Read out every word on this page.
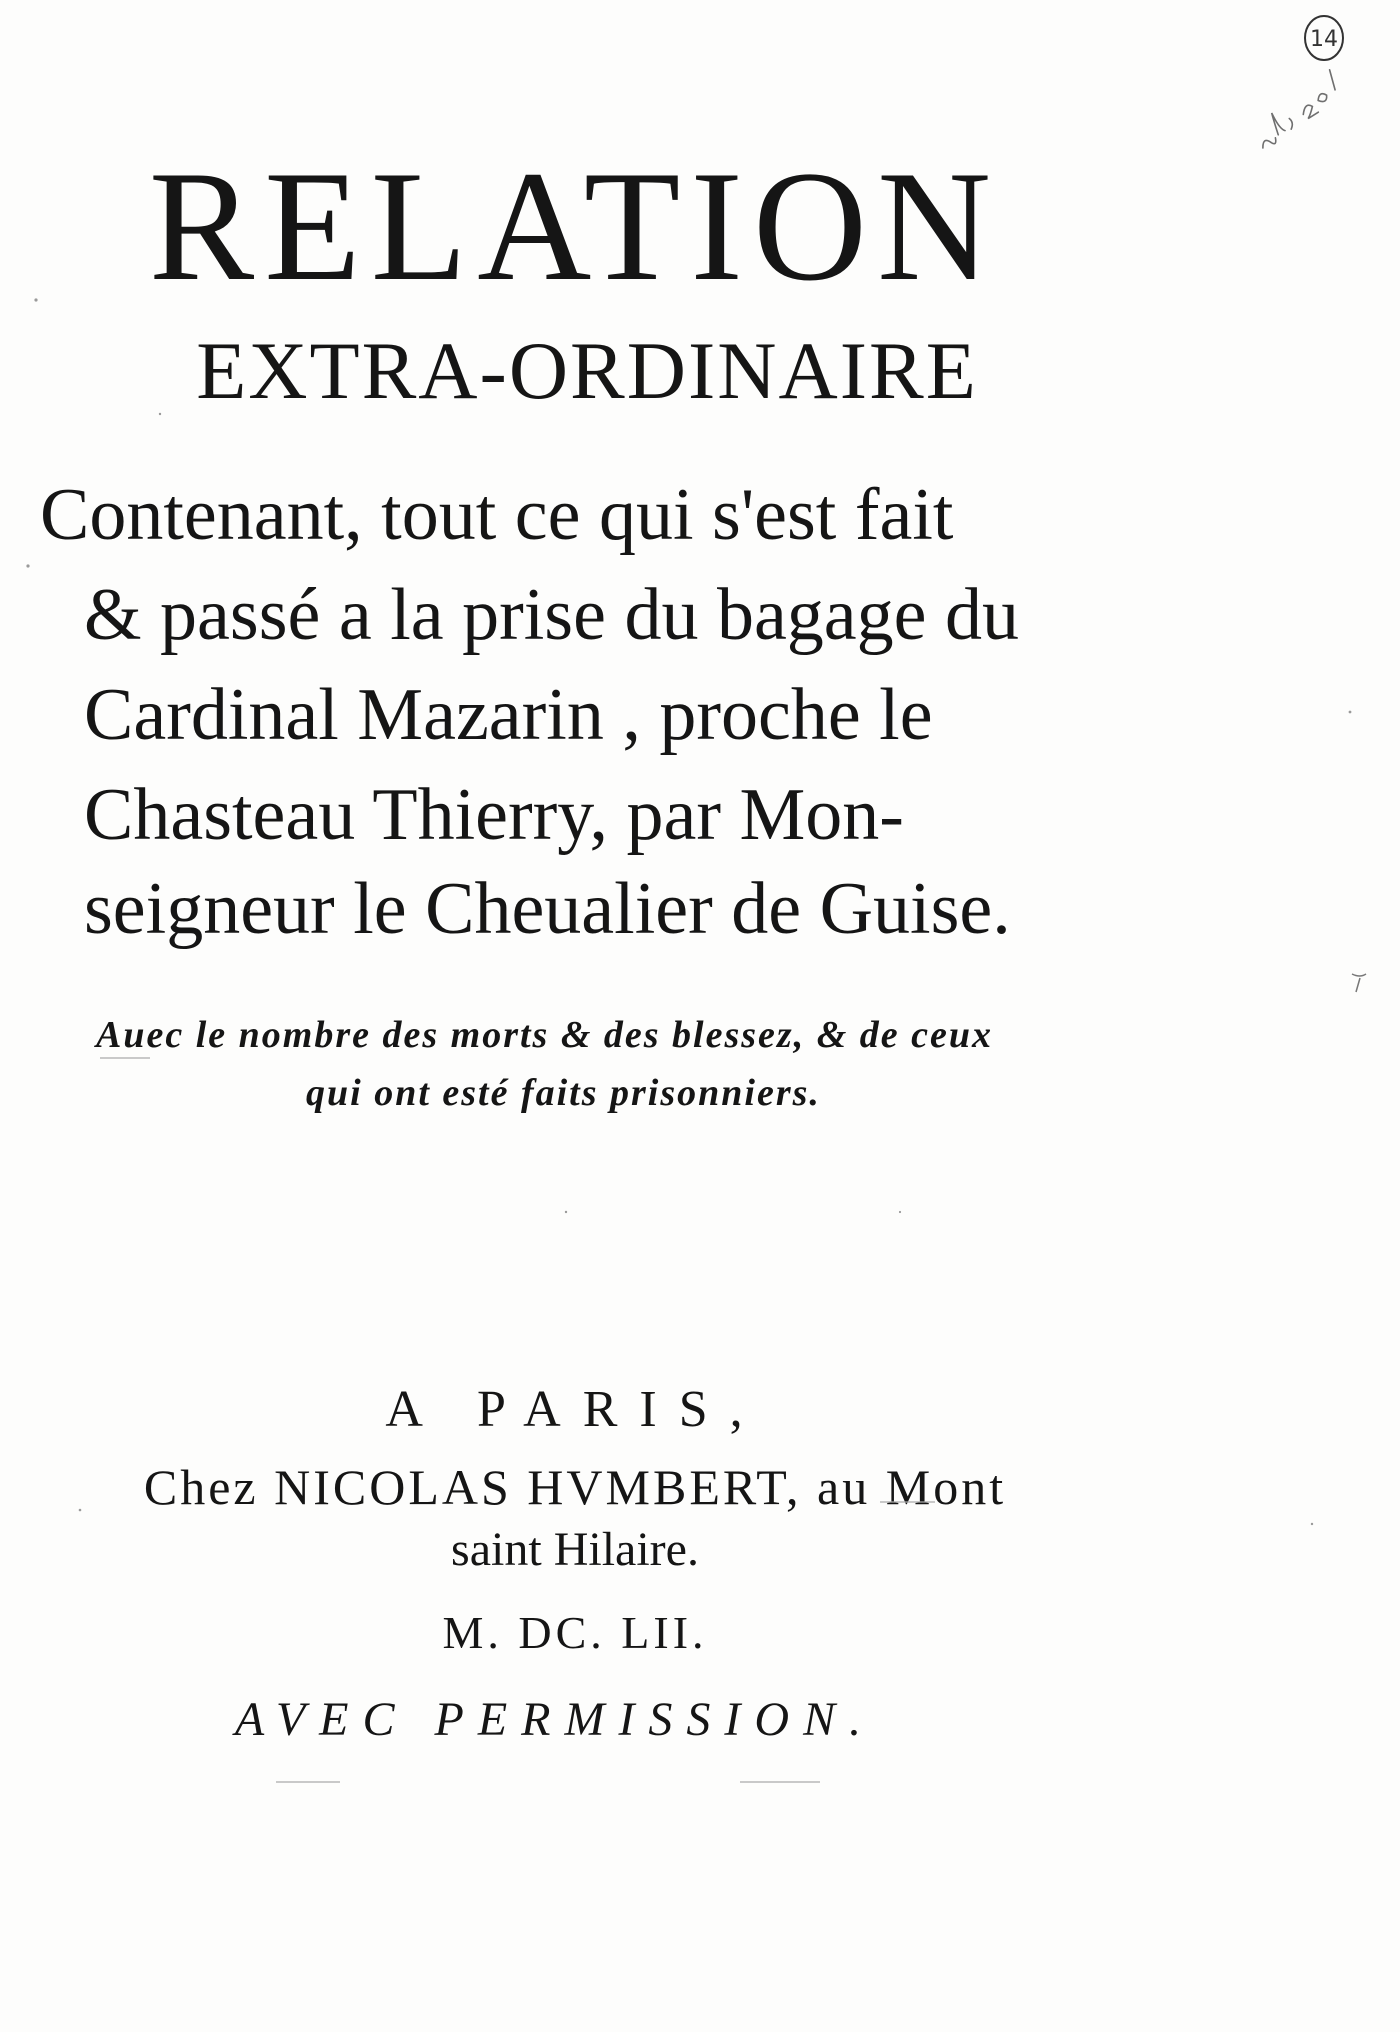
RELATION
EXTRA-ORDINAIRE
Contenant, tout ce qui s'est fait
& passé a la prise du bagage du
Cardinal Mazarin , proche le
Chasteau Thierry, par Mon-
seigneur le Cheualier de Guise.
Auec le nombre des morts & des blessez, & de ceux
qui ont esté faits prisonniers.
A PARIS,
Chez NICOLAS HVMBERT, au Mont
saint Hilaire.
M. DC. LII.
AVEC PERMISSION.
14
